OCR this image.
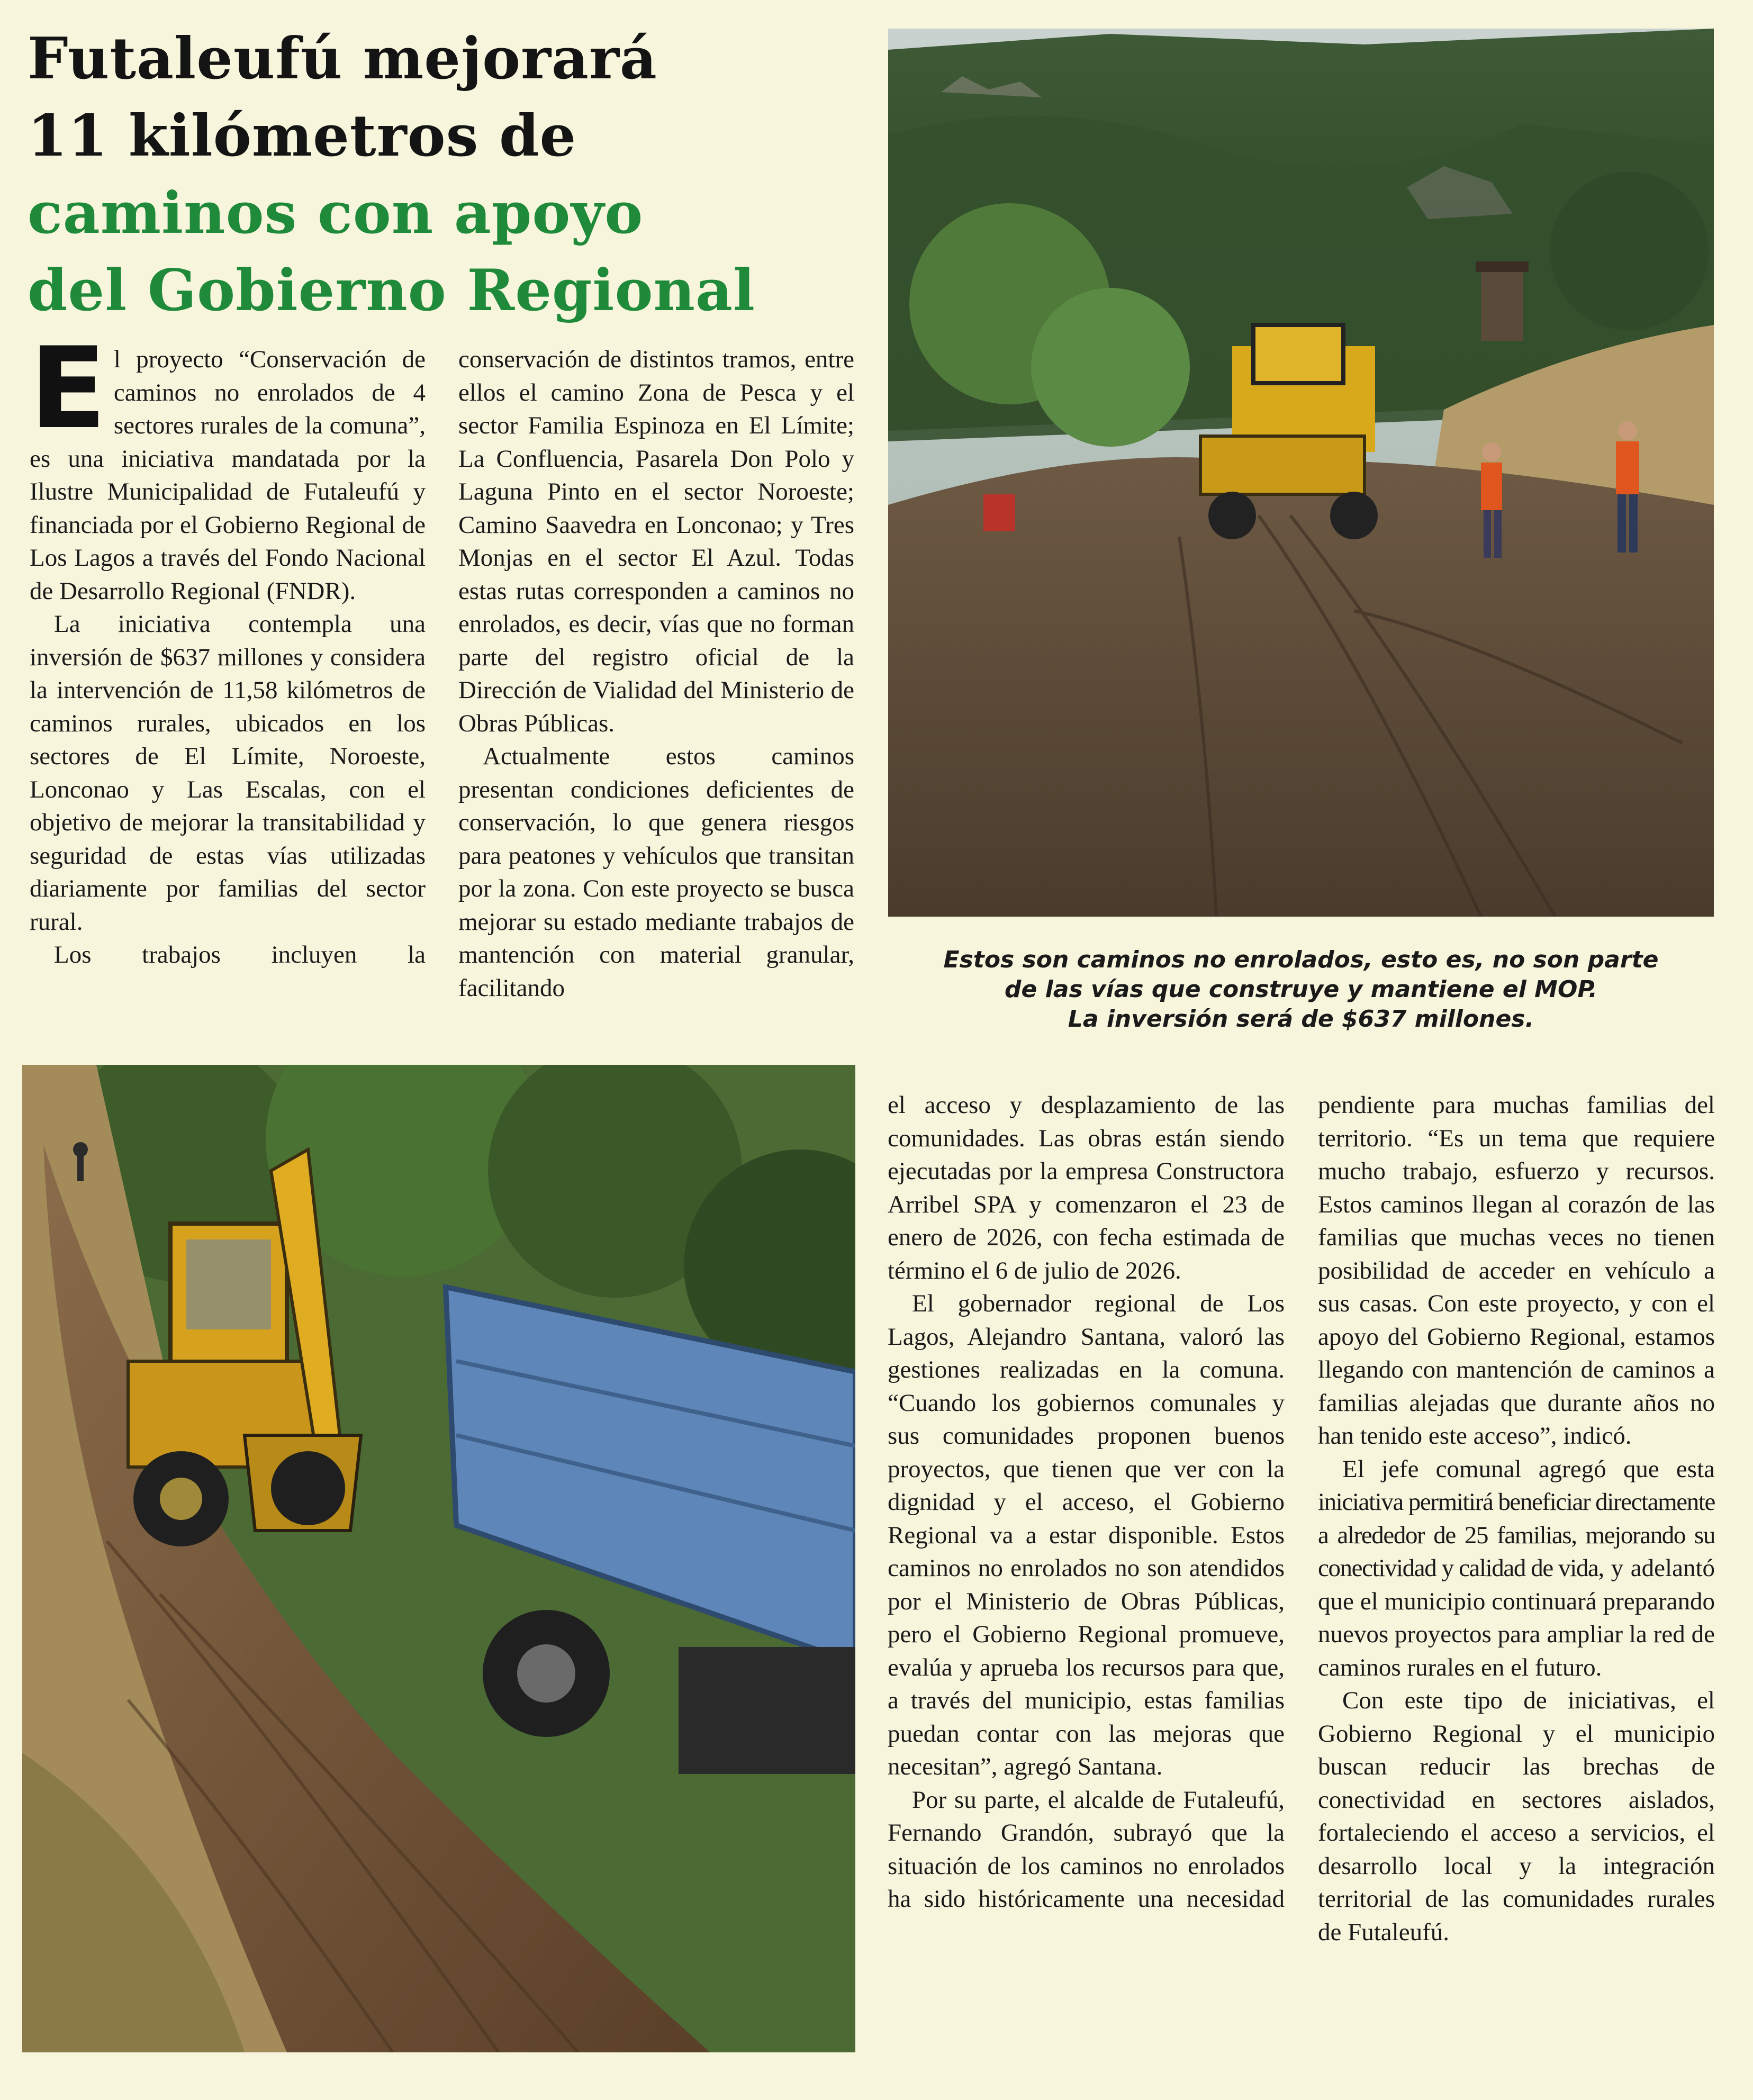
Futaleufú mejorará
11 kilómetros de
caminos con apoyo
del Gobierno Regional

El proyecto “Conservación de caminos no enrolados de 4 sectores rurales de la comuna”, es una iniciativa mandatada por la Ilustre Municipalidad de Futaleufú y financiada por el Gobierno Regional de Los Lagos a través del Fondo Nacional de Desarrollo Regional (FNDR).

La iniciativa contempla una inversión de $637 millones y considera la intervención de 11,58 kilómetros de caminos rurales, ubicados en los sectores de El Límite, Noroeste, Lonconao y Las Escalas, con el objetivo de mejorar la transitabilidad y seguridad de estas vías utilizadas diariamente por familias del sector rural.

Los trabajos incluyen la

conservación de distintos tramos, entre ellos el camino Zona de Pesca y el sector Familia Espinoza en El Límite; La Confluencia, Pasarela Don Polo y Laguna Pinto en el sector Noroeste; Camino Saavedra en Lonconao; y Tres Monjas en el sector El Azul. Todas estas rutas corresponden a caminos no enrolados, es decir, vías que no forman parte del registro oficial de la Dirección de Vialidad del Ministerio de Obras Públicas.

Actualmente estos caminos presentan condiciones deficientes de conservación, lo que genera riesgos para peatones y vehículos que transitan por la zona. Con este proyecto se busca mejorar su estado mediante trabajos de mantención con material granular, facilitando

Estos son caminos no enrolados, esto es, no son parte
de las vías que construye y mantiene el MOP.
La inversión será de $637 millones.

el acceso y desplazamiento de las comunidades. Las obras están siendo ejecutadas por la empresa Constructora Arribel SPA y comenzaron el 23 de enero de 2026, con fecha estimada de término el 6 de julio de 2026.

El gobernador regional de Los Lagos, Alejandro Santana, valoró las gestiones realizadas en la comuna. “Cuando los gobiernos comunales y sus comunidades proponen buenos proyectos, que tienen que ver con la dignidad y el acceso, el Gobierno Regional va a estar disponible. Estos caminos no enrolados no son atendidos por el Ministerio de Obras Públicas, pero el Gobierno Regional promueve, evalúa y aprueba los recursos para que, a través del municipio, estas familias puedan contar con las mejoras que necesitan”, agregó Santana.

Por su parte, el alcalde de Futaleufú, Fernando Grandón, subrayó que la situación de los caminos no enrolados ha sido históricamente una necesidad

pendiente para muchas familias del territorio. “Es un tema que requiere mucho trabajo, esfuerzo y recursos. Estos caminos llegan al corazón de las familias que muchas veces no tienen posibilidad de acceder en vehículo a sus casas. Con este proyecto, y con el apoyo del Gobierno Regional, estamos llegando con mantención de caminos a familias alejadas que durante años no han tenido este acceso”, indicó.

El jefe comunal agregó que esta iniciativa permitirá beneficiar directamente a alrededor de 25 familias, mejorando su conectividad y calidad de vida, y adelantó que el municipio continuará preparando nuevos proyectos para ampliar la red de caminos rurales en el futuro.

Con este tipo de iniciativas, el Gobierno Regional y el municipio buscan reducir las brechas de conectividad en sectores aislados, fortaleciendo el acceso a servicios, el desarrollo local y la integración territorial de las comunidades rurales de Futaleufú.
